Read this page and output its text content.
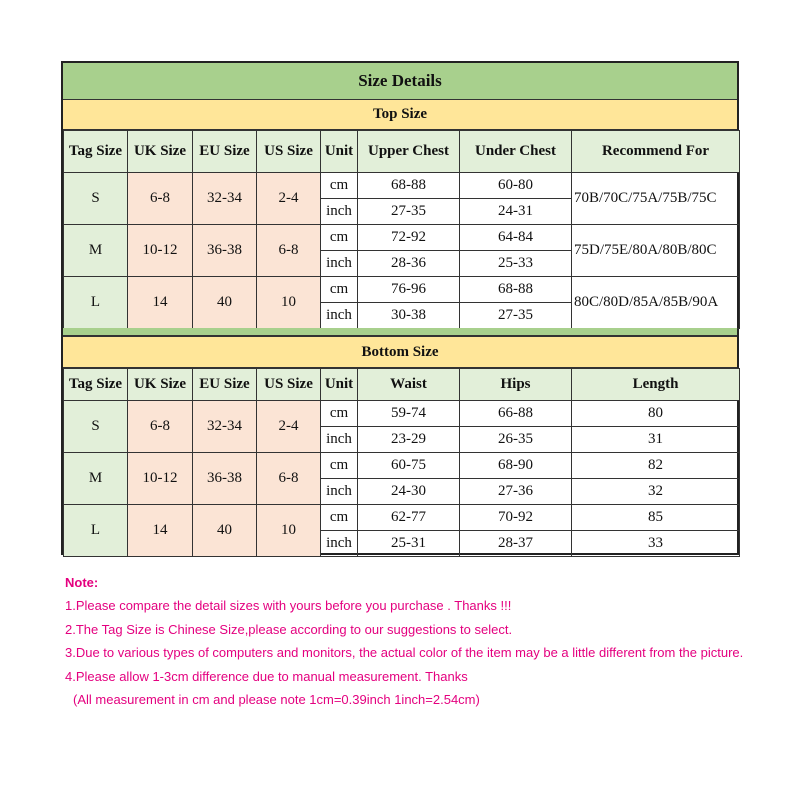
Size Details
Top Size
Tag Size	UK Size	EU Size	US Size	Unit	Upper Chest	Under Chest	Recommend For
S	6-8	32-34	2-4	cm	68-88	60-80	70B/70C/75A/75B/75C
				inch	27-35	24-31	
M	10-12	36-38	6-8	cm	72-92	64-84	75D/75E/80A/80B/80C
				inch	28-36	25-33	
L	14	40	10	cm	76-96	68-88	80C/80D/85A/85B/90A
				inch	30-38	27-35	
Bottom Size
Tag Size	UK Size	EU Size	US Size	Unit	Waist	Hips	Length
S	6-8	32-34	2-4	cm	59-74	66-88	80
				inch	23-29	26-35	31
M	10-12	36-38	6-8	cm	60-75	68-90	82
				inch	24-30	27-36	32
L	14	40	10	cm	62-77	70-92	85
				inch	25-31	28-37	33
Note:
1.Please compare the detail sizes with yours before you purchase . Thanks !!!
2.The Tag Size is Chinese Size,please according to our suggestions to select.
3.Due to various types of computers and monitors, the actual color of the item may be a little different from the picture.
4.Please allow 1-3cm difference due to manual measurement. Thanks
(All measurement in cm and please note 1cm=0.39inch 1inch=2.54cm)
